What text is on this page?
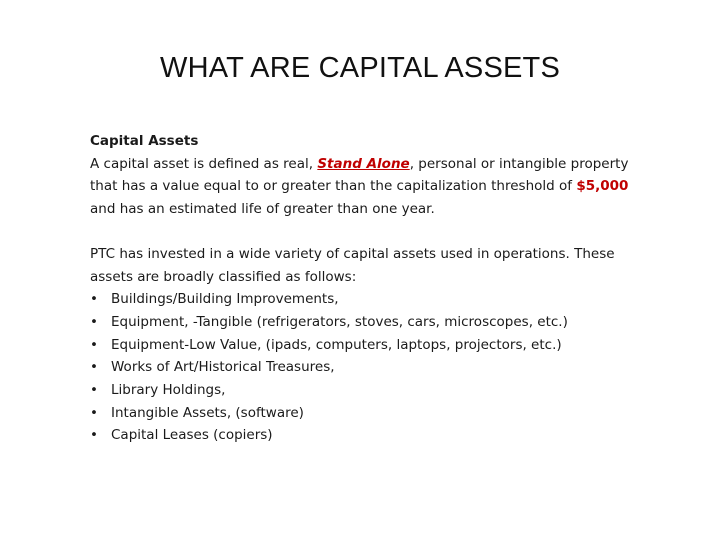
WHAT ARE CAPITAL ASSETS
Capital Assets

A capital asset is defined as real, Stand Alone, personal or intangible property that has a value equal to or greater than the capitalization threshold of $5,000 and has an estimated life of greater than one year.

PTC has invested in a wide variety of capital assets used in operations. These assets are broadly classified as follows:

• Buildings/Building Improvements,
• Equipment, -Tangible (refrigerators, stoves, cars, microscopes, etc.)
• Equipment-Low Value, (ipads, computers, laptops, projectors, etc.)
• Works of Art/Historical Treasures,
• Library Holdings,
• Intangible Assets, (software)
• Capital Leases (copiers)
